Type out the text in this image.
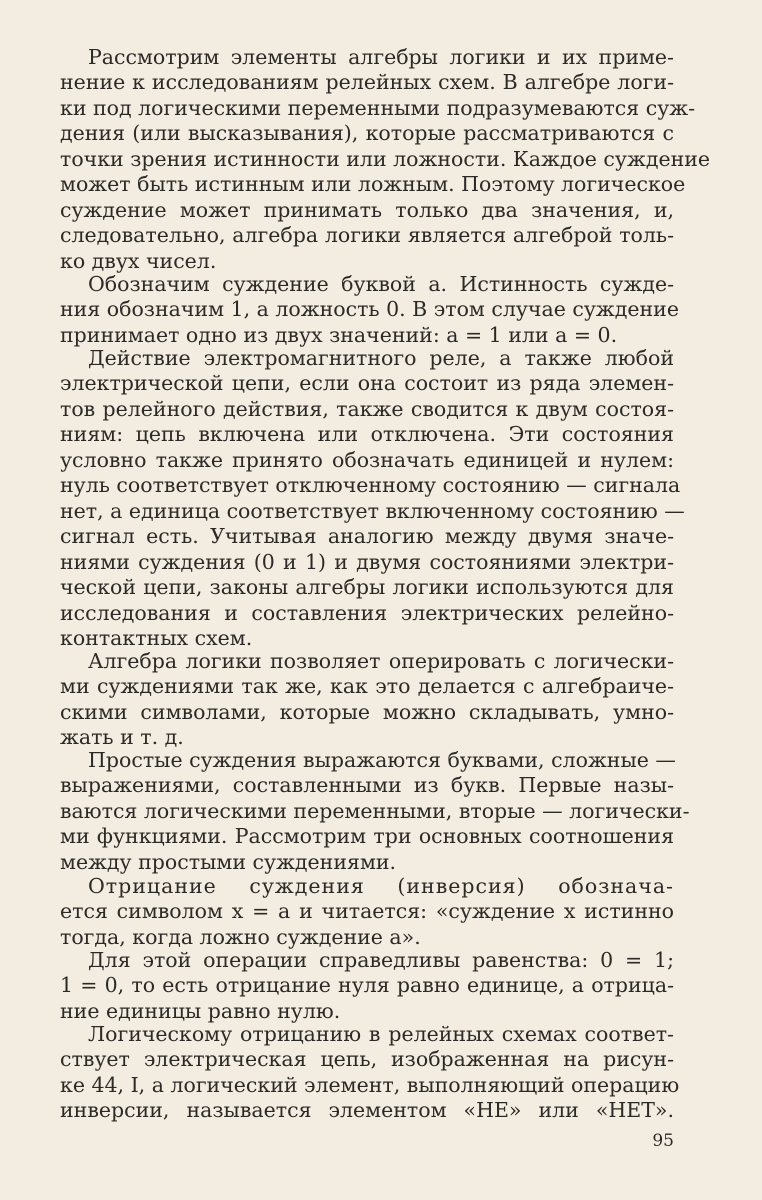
Рассмотрим элементы алгебры логики и их приме-
нение к исследованиям релейных схем. В алгебре логи-
ки под логическими переменными подразумеваются суж-
дения (или высказывания), которые рассматриваются с
точки зрения истинности или ложности. Каждое суждение
может быть истинным или ложным. Поэтому логическое
суждение может принимать только два значения, и,
следовательно, алгебра логики является алгеброй толь-
ко двух чисел.
Обозначим суждение буквой a. Истинность сужде-
ния обозначим 1, а ложность 0. В этом случае суждение
принимает одно из двух значений: a = 1 или a = 0.
Действие электромагнитного реле, а также любой
электрической цепи, если она состоит из ряда элемен-
тов релейного действия, также сводится к двум состоя-
ниям: цепь включена или отключена. Эти состояния
условно также принято обозначать единицей и нулем:
нуль соответствует отключенному состоянию — сигнала
нет, а единица соответствует включенному состоянию —
сигнал есть. Учитывая аналогию между двумя значе-
ниями суждения (0 и 1) и двумя состояниями электри-
ческой цепи, законы алгебры логики используются для
исследования и составления электрических релейно-
контактных схем.
Алгебра логики позволяет оперировать с логически-
ми суждениями так же, как это делается с алгебраиче-
скими символами, которые можно складывать, умно-
жать и т. д.
Простые суждения выражаются буквами, сложные —
выражениями, составленными из букв. Первые назы-
ваются логическими переменными, вторые — логически-
ми функциями. Рассмотрим три основных соотношения
между простыми суждениями.
Отрицание суждения (инверсия) обознача-
ется символом x = a и читается: «суждение x истинно
тогда, когда ложно суждение a».
Для этой операции справедливы равенства: 0 = 1;
1 = 0, то есть отрицание нуля равно единице, а отрица-
ние единицы равно нулю.
Логическому отрицанию в релейных схемах соответ-
ствует электрическая цепь, изображенная на рисун-
ке 44, I, а логический элемент, выполняющий операцию
инверсии, называется элементом «НЕ» или «НЕТ».
95
